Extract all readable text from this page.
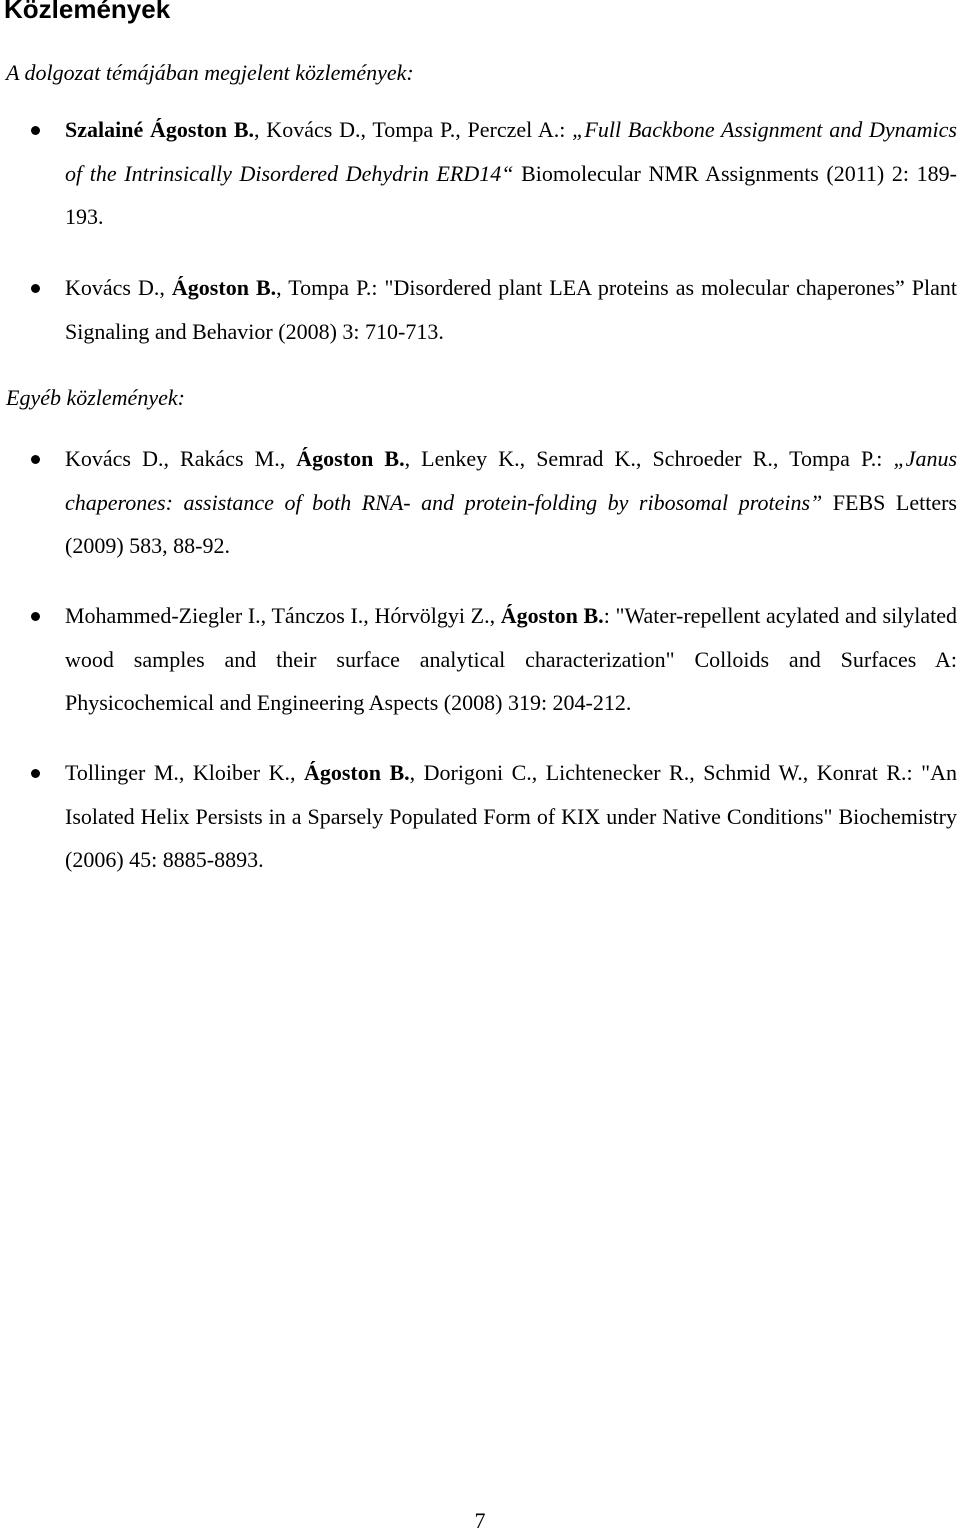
Közlemények

A dolgozat témájában megjelent közlemények:

Szalainé Ágoston B., Kovács D., Tompa P., Perczel A.: „Full Backbone Assignment and Dynamics of the Intrinsically Disordered Dehydrin ERD14“ Biomolecular NMR Assignments (2011) 2: 189-193.
Kovács D., Ágoston B., Tompa P.: "Disordered plant LEA proteins as molecular chaperones” Plant Signaling and Behavior (2008) 3: 710-713.

Egyéb közlemények:

Kovács D., Rakács M., Ágoston B., Lenkey K., Semrad K., Schroeder R., Tompa P.: „Janus chaperones: assistance of both RNA- and protein-folding by ribosomal proteins” FEBS Letters (2009) 583, 88-92.
Mohammed-Ziegler I., Tánczos I., Hórvölgyi Z., Ágoston B.: "Water-repellent acylated and silylated wood samples and their surface analytical characterization" Colloids and Surfaces A: Physicochemical and Engineering Aspects (2008) 319: 204-212.
Tollinger M., Kloiber K., Ágoston B., Dorigoni C., Lichtenecker R., Schmid W., Konrat R.: "An Isolated Helix Persists in a Sparsely Populated Form of KIX under Native Conditions" Biochemistry (2006) 45: 8885-8893.

7
